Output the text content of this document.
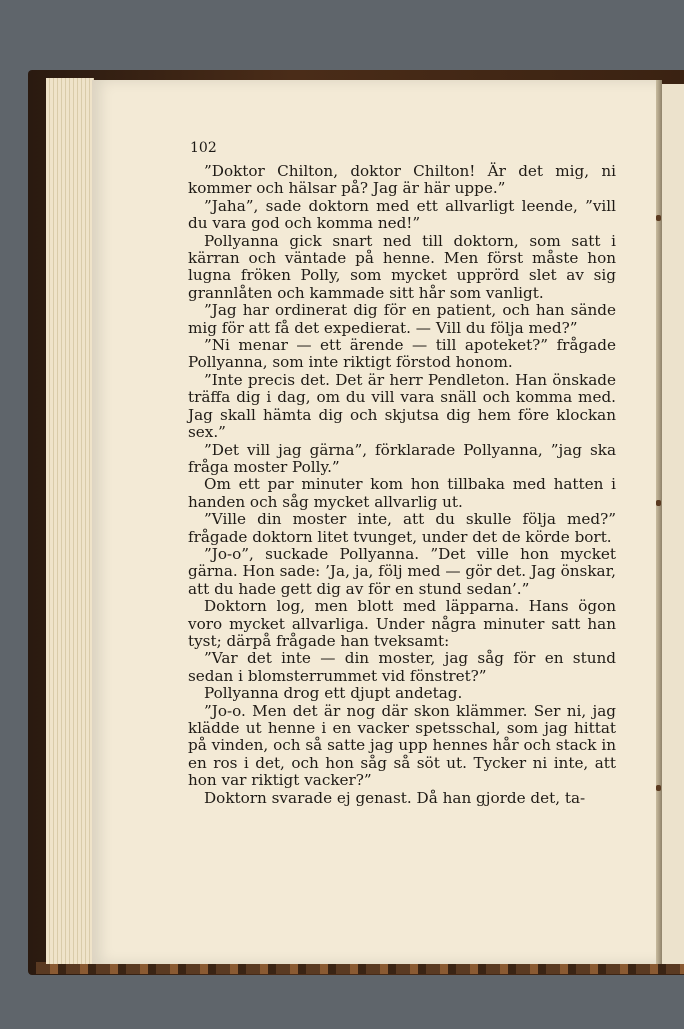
102

”Doktor Chilton, doktor Chilton! Är det mig, ni kommer och hälsar på? Jag är här uppe.”

”Jaha”, sade doktorn med ett allvarligt leende, ”vill du vara god och komma ned!”

Pollyanna gick snart ned till doktorn, som satt i kärran och väntade på henne. Men först måste hon lugna fröken Polly, som mycket upprörd slet av sig grannlåten och kammade sitt hår som vanligt.

”Jag har ordinerat dig för en patient, och han sände mig för att få det expedierat. — Vill du följa med?”

”Ni menar — ett ärende — till apoteket?” frågade Pollyanna, som inte riktigt förstod honom.

”Inte precis det. Det är herr Pendleton. Han önskade träffa dig i dag, om du vill vara snäll och komma med. Jag skall hämta dig och skjutsa dig hem före klockan sex.”

”Det vill jag gärna”, förklarade Pollyanna, ”jag ska fråga moster Polly.”

Om ett par minuter kom hon tillbaka med hatten i handen och såg mycket allvarlig ut.

”Ville din moster inte, att du skulle följa med?” frågade doktorn litet tvunget, under det de körde bort.

”Jo-o”, suckade Pollyanna. ”Det ville hon mycket gärna. Hon sade: ’Ja, ja, följ med — gör det. Jag önskar, att du hade gett dig av för en stund sedan’.”

Doktorn log, men blott med läpparna. Hans ögon voro mycket allvarliga. Under några minuter satt han tyst; därpå frågade han tveksamt:

”Var det inte — din moster, jag såg för en stund sedan i blomsterrummet vid fönstret?”

Pollyanna drog ett djupt andetag.

”Jo-o. Men det är nog där skon klämmer. Ser ni, jag klädde ut henne i en vacker spetsschal, som jag hittat på vinden, och så satte jag upp hennes hår och stack in en ros i det, och hon såg så söt ut. Tycker ni inte, att hon var riktigt vacker?”

Doktorn svarade ej genast. Då han gjorde det, ta-
